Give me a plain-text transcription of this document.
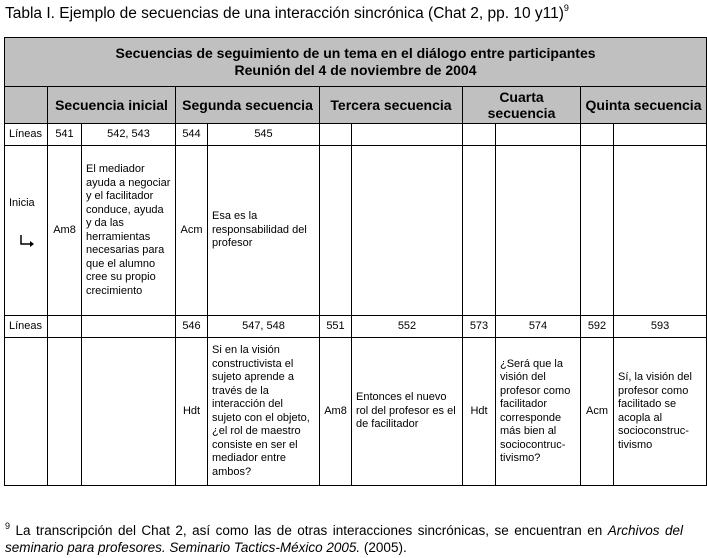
Tabla I. Ejemplo de secuencias de una interacción sincrónica (Chat 2, pp. 10 y11)$^9$
Secuencias de seguimiento de un tema en el diálogo entre participantes
Reunión del 4 de noviembre de 2004										

	Secuencia inicial		Segunda secuencia		Tercera secuencia		Cuarta secuencia		Quinta secuencia	
Líneas	541	542, 543	544	545						

Inicia	Am8	El mediador ayuda a negociar y el facilitador conduce, ayuda y da las herramientas necesarias para que el alumno cree su propio crecimiento	Acm	Esa es la responsabilidad del profesor						
Líneas			546	547, 548	551	552	573	574	592	593
			Hdt	Si en la visión constructivista el sujeto aprende a través de la interacción del sujeto con el objeto, ¿el rol de maestro consiste en ser el mediador entre ambos?	Am8	Entonces el nuevo rol del profesor es el de facilitador	Hdt	¿Será que la visión del profesor como facilitador corresponde más bien al sociocontruc-tivismo?	Acm	Sí, la visión del profesor como facilitado se acopla al socioconstruc-tivismo
$^9$ La transcripción del Chat 2, así como las de otras interacciones sincrónicas, se encuentran en Archivos del seminario para profesores. Seminario Tactics-México 2005. (2005).
